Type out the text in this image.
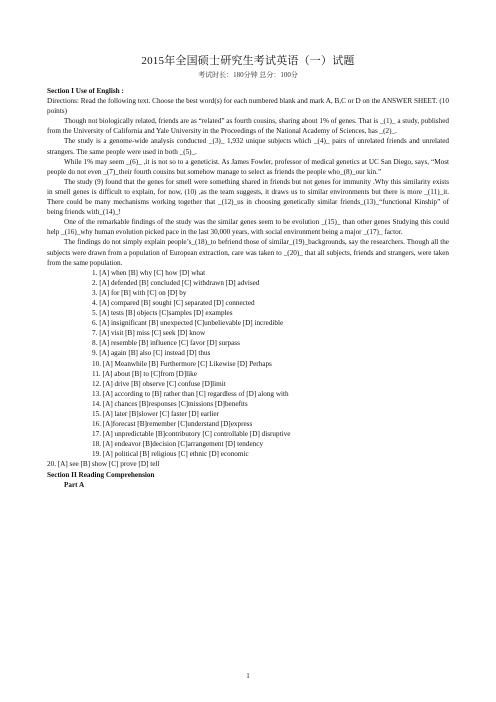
2015年全国硕士研究生考试英语（一）试题
考试时长：180分钟 总分：100分

Section I Use of English :

Directions: Read the following text. Choose the best word(s) for each numbered blank and mark A, B,C or D on the ANSWER SHEET. (10 points)

Though not biologically related, friends are as “related” as fourth cousins, sharing about 1% of genes. That is _(1)_ a study, published from the University of California and Yale University in the Proceedings of the National Academy of Sciences, has _(2)_.

The study is a genome-wide analysis conducted _(3)_ 1,932 unique subjects which _(4)_ pairs of unrelated friends and unrelated strangers. The same people were used in both _(5)_.

While 1% may seem _(6)_ ,it is not so to a geneticist. As James Fowler, professor of medical genetics at UC San Diego, says, “Most people do not even _(7)_their fourth cousins but somehow manage to select as friends the people who_(8)_our kin.”

The study (9) found that the genes for smell were something shared in friends but not genes for immunity .Why this similarity exists in smell genes is difficult to explain, for now, (10) ,as the team suggests, it draws us to similar environments but there is more _(11)_it. There could be many mechanisms working together that _(12)_us in choosing genetically similar friends_(13)_“functional Kinship” of being friends with_(14)_!

One of the remarkable findings of the study was the similar genes seem to be evolution _(15)_ than other genes Studying this could help _(16)_why human evolution picked pace in the last 30,000 years, with social environment being a major _(17)_ factor.

The findings do not simply explain people’s_(18)_to befriend those of similar_(19)_backgrounds, say the researchers. Though all the subjects were drawn from a population of European extraction, care was taken to _(20)_ that all subjects, friends and strangers, were taken from the same population.

1. [A] when [B] why [C] how [D] what
2. [A] defended [B] concluded [C] withdrawn [D] advised
3. [A] for [B] with [C] on [D] by
4. [A] compared [B] sought [C] separated [D] connected
5. [A] tests [B] objects [C]samples [D] examples
6. [A] insignificant [B] unexpected [C]unbelievable [D] incredible
7. [A] visit [B] miss [C] seek [D] know
8. [A] resemble [B] influence [C] favor [D] surpass
9. [A] again [B] also [C] instead [D] thus
10. [A] Meanwhile [B] Furthermore [C] Likewise [D] Perhaps
11. [A] about [B] to [C]from [D]like
12. [A] drive [B] observe [C] confuse [D]limit
13. [A] according to [B] rather than [C] regardless of [D] along with
14. [A] chances [B]responses [C]missions [D]benefits
15. [A] later [B]slower [C] faster [D] earlier
16. [A]forecast [B]remember [C]understand [D]express
17. [A] unpredictable [B]contributory [C] controllable [D] disruptive
18. [A] endeavor [B]decision [C]arrangement [D] tendency
19. [A] political [B] religious [C] ethnic [D] economic
20. [A] see [B] show [C] prove [D] tell

Section II Reading Comprehension

Part A

1
